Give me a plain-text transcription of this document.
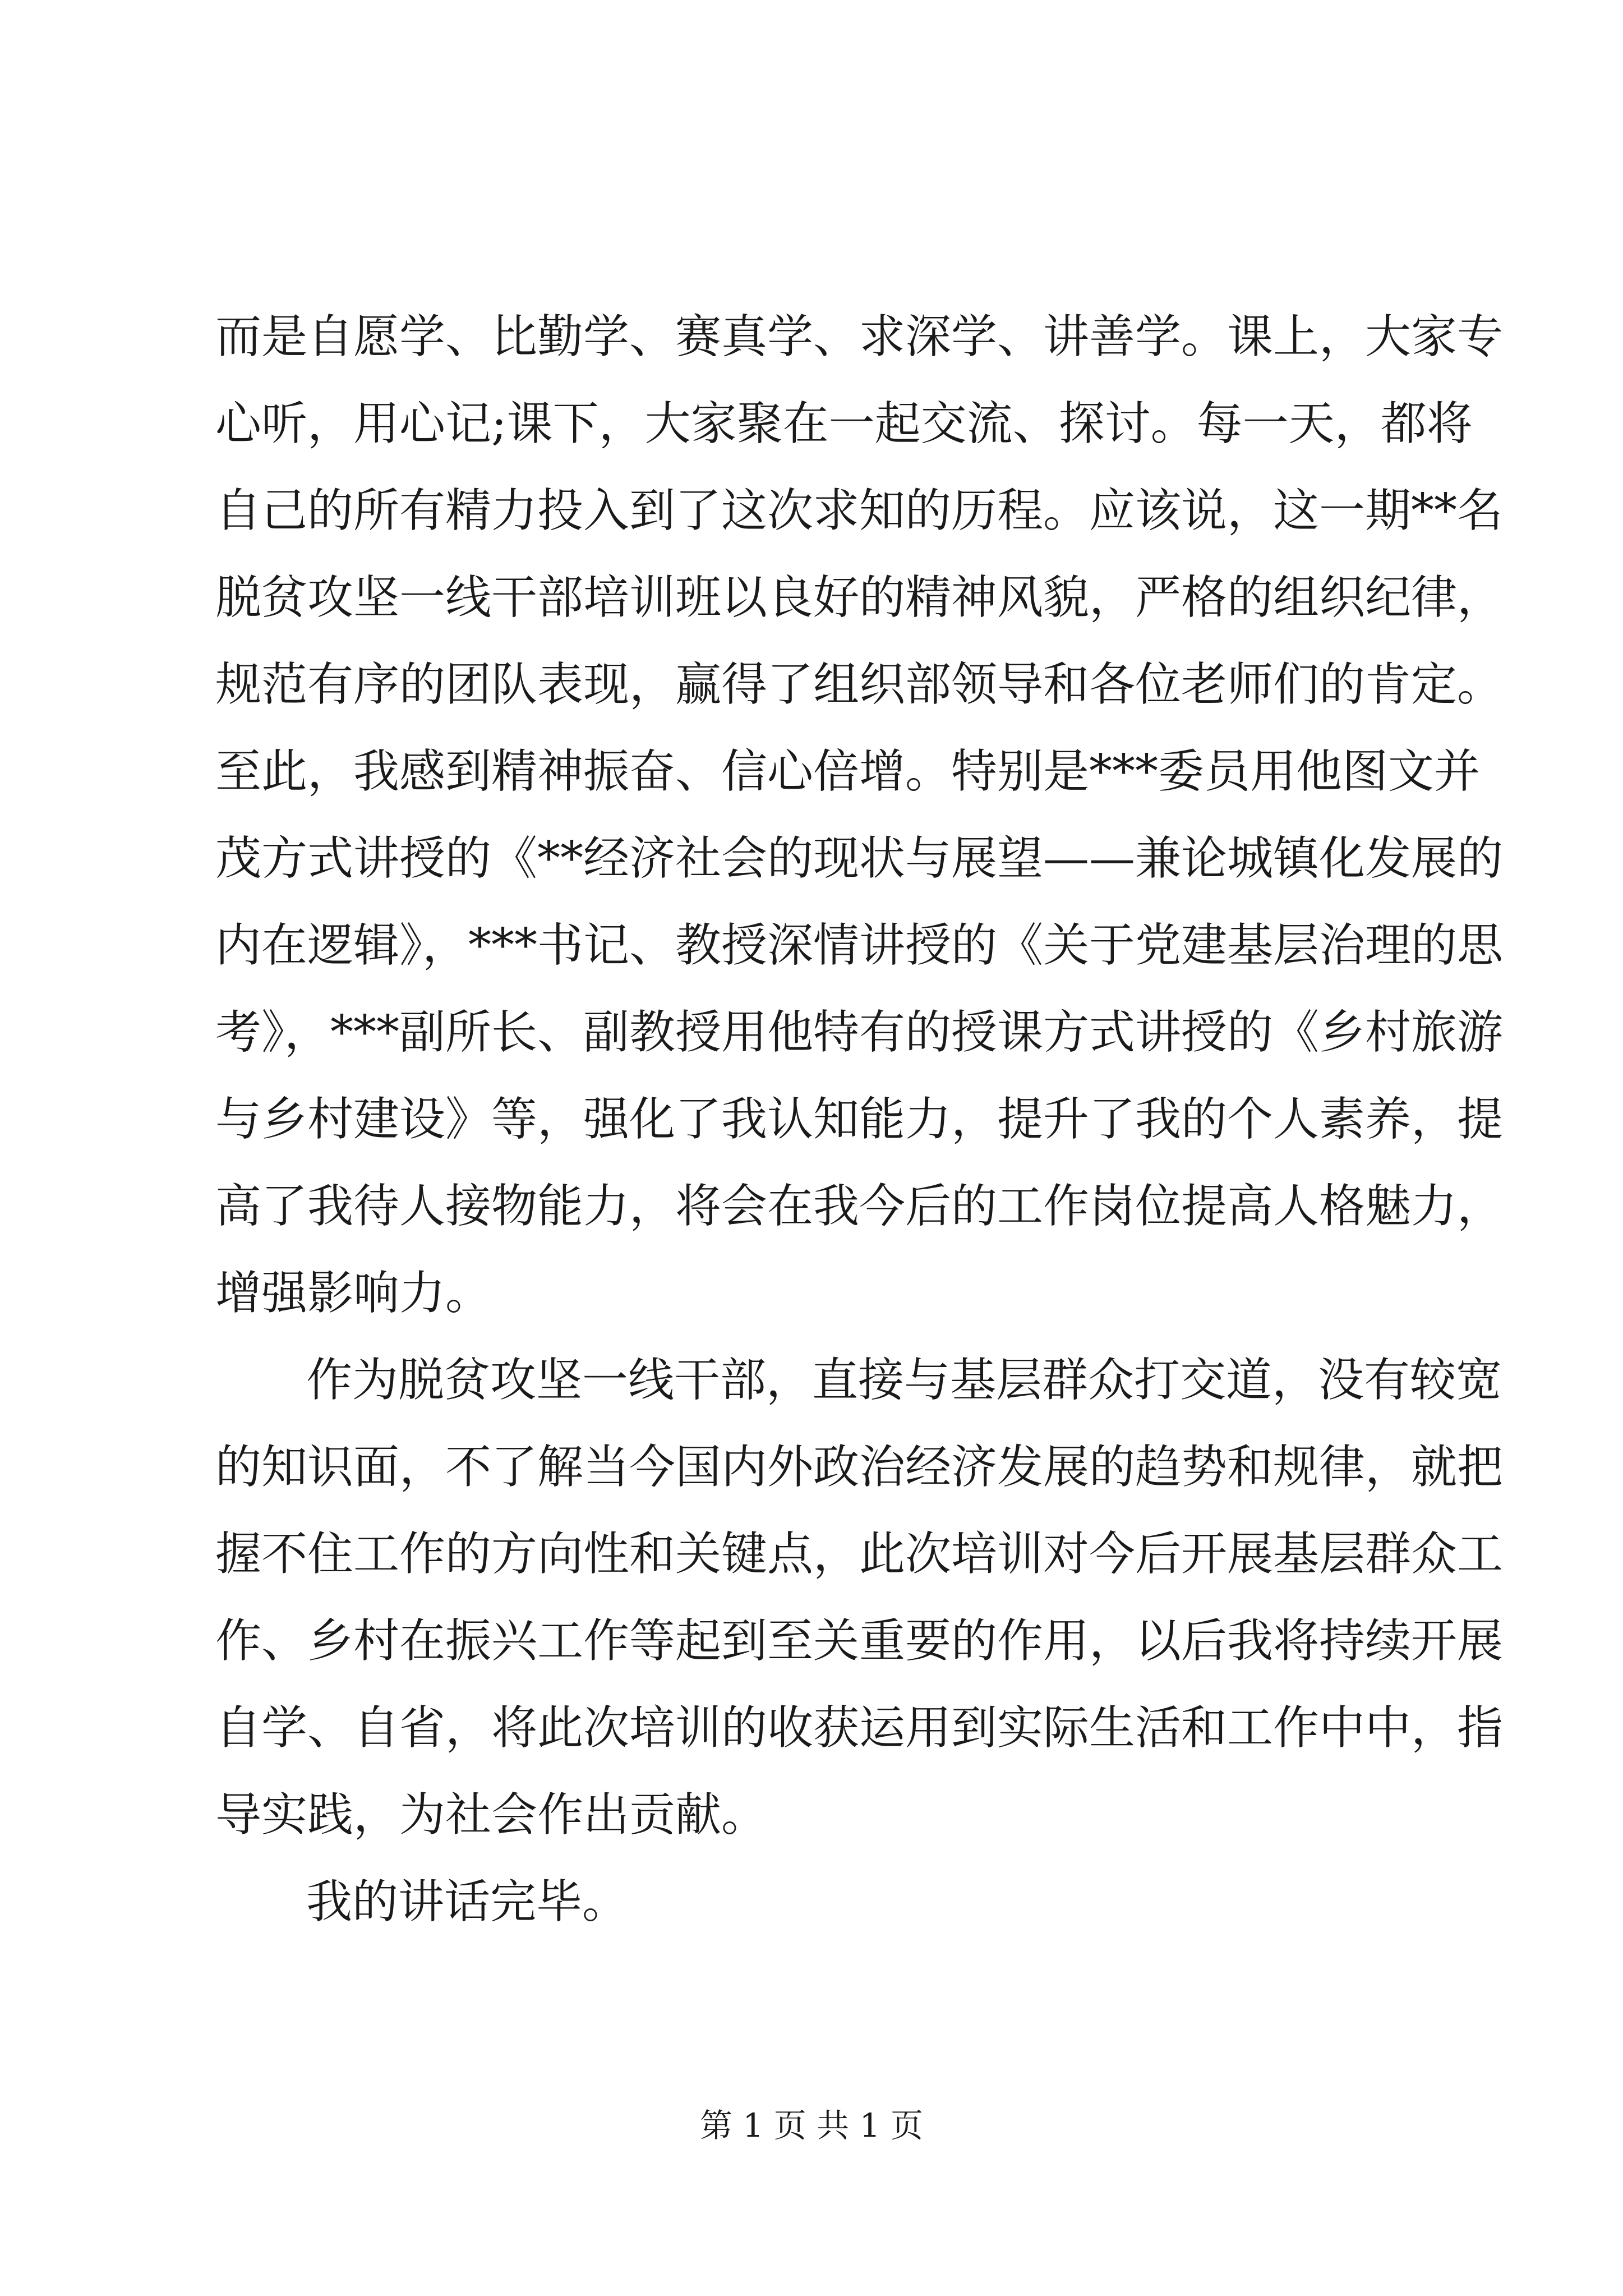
而是自愿学、比勤学、赛真学、求深学、讲善学。课上，大家专
心听，用心记;课下，大家聚在一起交流、探讨。每一天，都将
自己的所有精力投入到了这次求知的历程。应该说，这一期**名
脱贫攻坚一线干部培训班以良好的精神风貌，严格的组织纪律，
规范有序的团队表现，赢得了组织部领导和各位老师们的肯定。
至此，我感到精神振奋、信心倍增。特别是***委员用他图文并
茂方式讲授的《**经济社会的现状与展望——兼论城镇化发展的
内在逻辑》，***书记、教授深情讲授的《关于党建基层治理的思
考》，***副所长、副教授用他特有的授课方式讲授的《乡村旅游
与乡村建设》等，强化了我认知能力，提升了我的个人素养，提
高了我待人接物能力，将会在我今后的工作岗位提高人格魅力，
增强影响力。
作为脱贫攻坚一线干部，直接与基层群众打交道，没有较宽
的知识面，不了解当今国内外政治经济发展的趋势和规律，就把
握不住工作的方向性和关键点，此次培训对今后开展基层群众工
作、乡村在振兴工作等起到至关重要的作用，以后我将持续开展
自学、自省，将此次培训的收获运用到实际生活和工作中中，指
导实践，为社会作出贡献。
我的讲话完毕。
第 1 页 共 1 页
